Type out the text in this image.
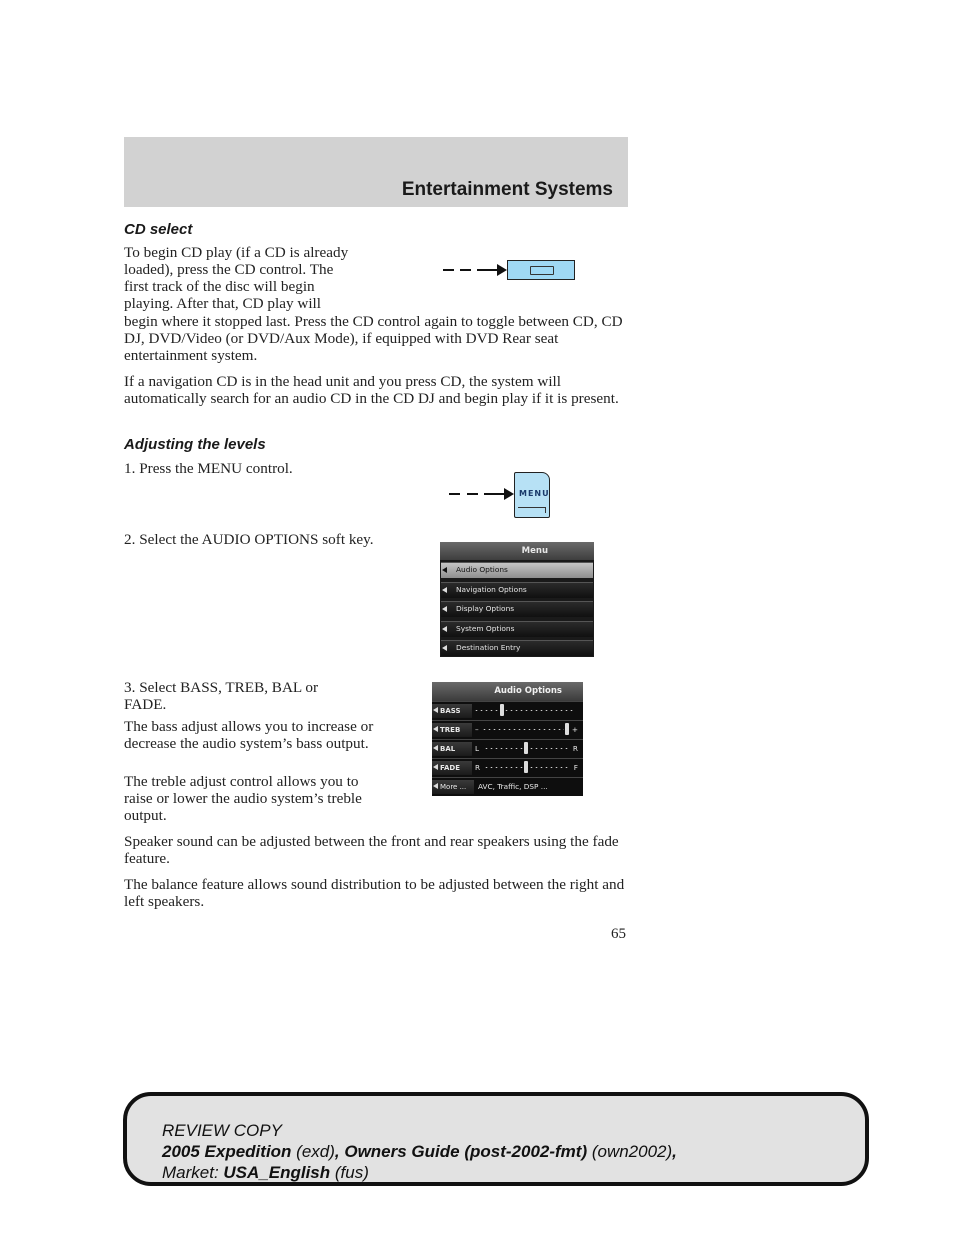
Entertainment Systems
CD select
To begin CD play (if a CD is already
loaded), press the CD control. The
first track of the disc will begin
playing. After that, CD play will
begin where it stopped last. Press the CD control again to toggle between CD, CD DJ, DVD/Video (or DVD/Aux Mode), if equipped with DVD Rear seat entertainment system.
If a navigation CD is in the head unit and you press CD, the system will automatically search for an audio CD in the CD DJ and begin play if it is present.
Adjusting the levels
1. Press the MENU control.
MENU
2. Select the AUDIO OPTIONS soft key.
Menu
Audio Options
Navigation Options
Display Options
System Options
Destination Entry
3. Select BASS, TREB, BAL or FADE.
The bass adjust allows you to increase or decrease the audio system’s bass output.
The treble adjust control allows you to raise or lower the audio system’s treble output.
Audio Options
BASS
TREB –	+
BAL	L	R
FADE R	F
More ... AVC, Traffic, DSP ...
Speaker sound can be adjusted between the front and rear speakers using the fade feature.
The balance feature allows sound distribution to be adjusted between the right and left speakers.
65
REVIEW COPY
2005 Expedition (exd), Owners Guide (post-2002-fmt) (own2002),
Market: USA_English (fus)
